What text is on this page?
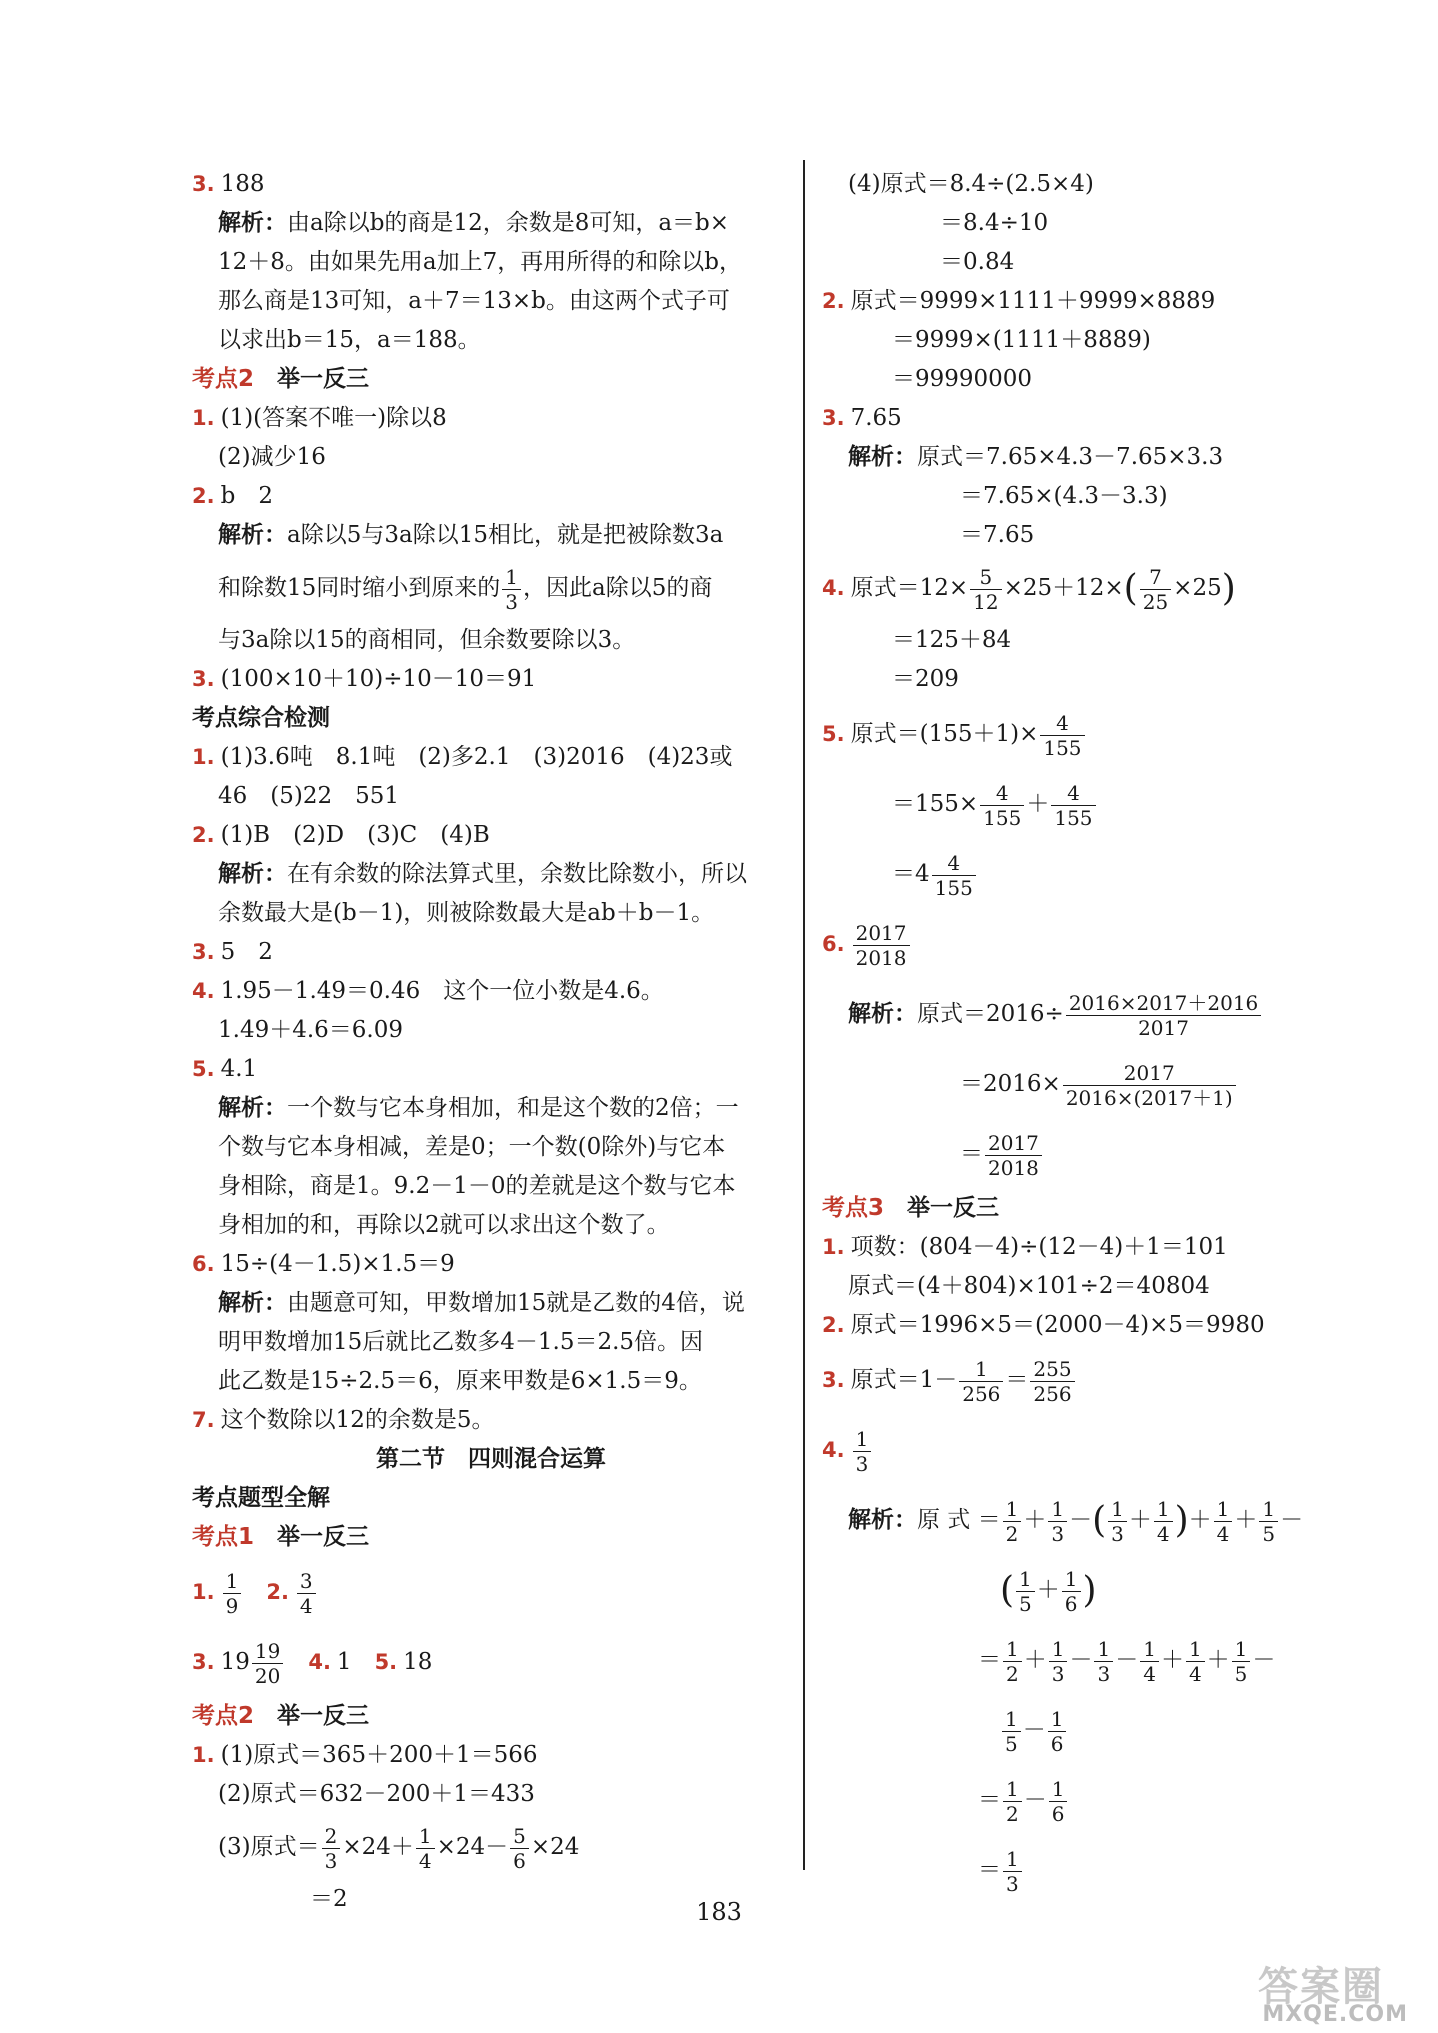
3. 188
解析：由a除以b的商是12，余数是8可知，a＝b×
12＋8。由如果先用a加上7，再用所得的和除以b，
那么商是13可知，a＋7＝13×b。由这两个式子可
以求出b＝15，a＝188。
考点2　 举一反三
1. (1)(答案不唯一)除以8
(2)减少16
2. b　2
解析：a除以5与3a除以15相比，就是把被除数3a
和除数15同时缩小到原来的 $\frac{1}{3}$ ，因此a除以5的商
与3a除以15的商相同，但余数要除以3。
3. (100×10＋10)÷10－10＝91
考点综合检测
1. (1)3.6吨　8.1吨　(2)多2.1　(3)2016　(4)23或
46　(5)22　551
2. (1)B　(2)D　(3)C　(4)B
解析：在有余数的除法算式里，余数比除数小，所以
余数最大是(b－1)，则被除数最大是ab＋b－1。
3. 5　2
4. 1.95－1.49＝0.46　这个一位小数是4.6。
1.49＋4.6＝6.09
5. 4.1
解析：一个数与它本身相加，和是这个数的2倍；一
个数与它本身相减，差是0；一个数(0除外)与它本
身相除，商是1。9.2－1－0的差就是这个数与它本
身相加的和，再除以2就可以求出这个数了。
6. 15÷(4－1.5)×1.5＝9
解析：由题意可知，甲数增加15就是乙数的4倍，说
明甲数增加15后就比乙数多4－1.5＝2.5倍。因
此乙数是15÷2.5＝6，原来甲数是6×1.5＝9。
7. 这个数除以12的余数是5。
第二节　四则混合运算
考点题型全解
考点1　 举一反三
1. $\frac{1}{9}$
　 2. $\frac{3}{4}$
3. $19 \frac{19}{20}$
　 4. 1　 5. 18
考点2　 举一反三
1. (1)原式＝365＋200＋1＝566
(2)原式＝632－200＋1＝433
(3)原式＝ $\frac{2}{3} \times 24+ \frac{1}{4} \times 24- \frac{5}{6} \times 24$
＝2
(4)原式＝8.4÷(2.5×4)
＝8.4÷10
＝0.84
2. 原式＝9999×1111＋9999×8889
＝9999×(1111＋8889)
＝99990000
3. 7.65
解析：原式＝7.65×4.3－7.65×3.3
＝7.65×(4.3－3.3)
＝7.65
4. 原式$=12\times \frac{5}{12} \times 25+12\times( \frac{7}{25} \times 25)$
＝125＋84
＝209
5. 原式$=(155+1)\times \frac{4}{155}$
$=155\times \frac{4}{155} + \frac{4}{155}$
$=4 \frac{4}{155}$
6. $\frac{2017}{2018}$
解析：原式$=2016\div \frac{2016\times 2017+2016}{2017}$
$=2016\times \frac{2017}{2016\times(2017+1)}$
＝ $\frac{2017}{2018}$
考点3　 举一反三
1. 项数：(804－4)÷(12－4)＋1＝101
原式＝(4＋804)×101÷2＝40804
2. 原式＝1996×5＝(2000－4)×5＝9980
3. 原式$=1- \frac{1}{256} = \frac{255}{256}$
4. $\frac{1}{3}$
解析：原 式 ＝ $\frac{1}{2} + \frac{1}{3}$ －( $\frac{1}{3} + \frac{1}{4}$ )＋ $\frac{1}{4} + \frac{1}{5}$ －
( $\frac{1}{5} + \frac{1}{6}$ )
＝ $\frac{1}{2} + \frac{1}{3} - \frac{1}{3} - \frac{1}{4} + \frac{1}{4} + \frac{1}{5}$ －
$\frac{1}{5} - \frac{1}{6}$
＝ $\frac{1}{2} - \frac{1}{6}$
＝ $\frac{1}{3}$
183
答案圈
MXQE.COM
